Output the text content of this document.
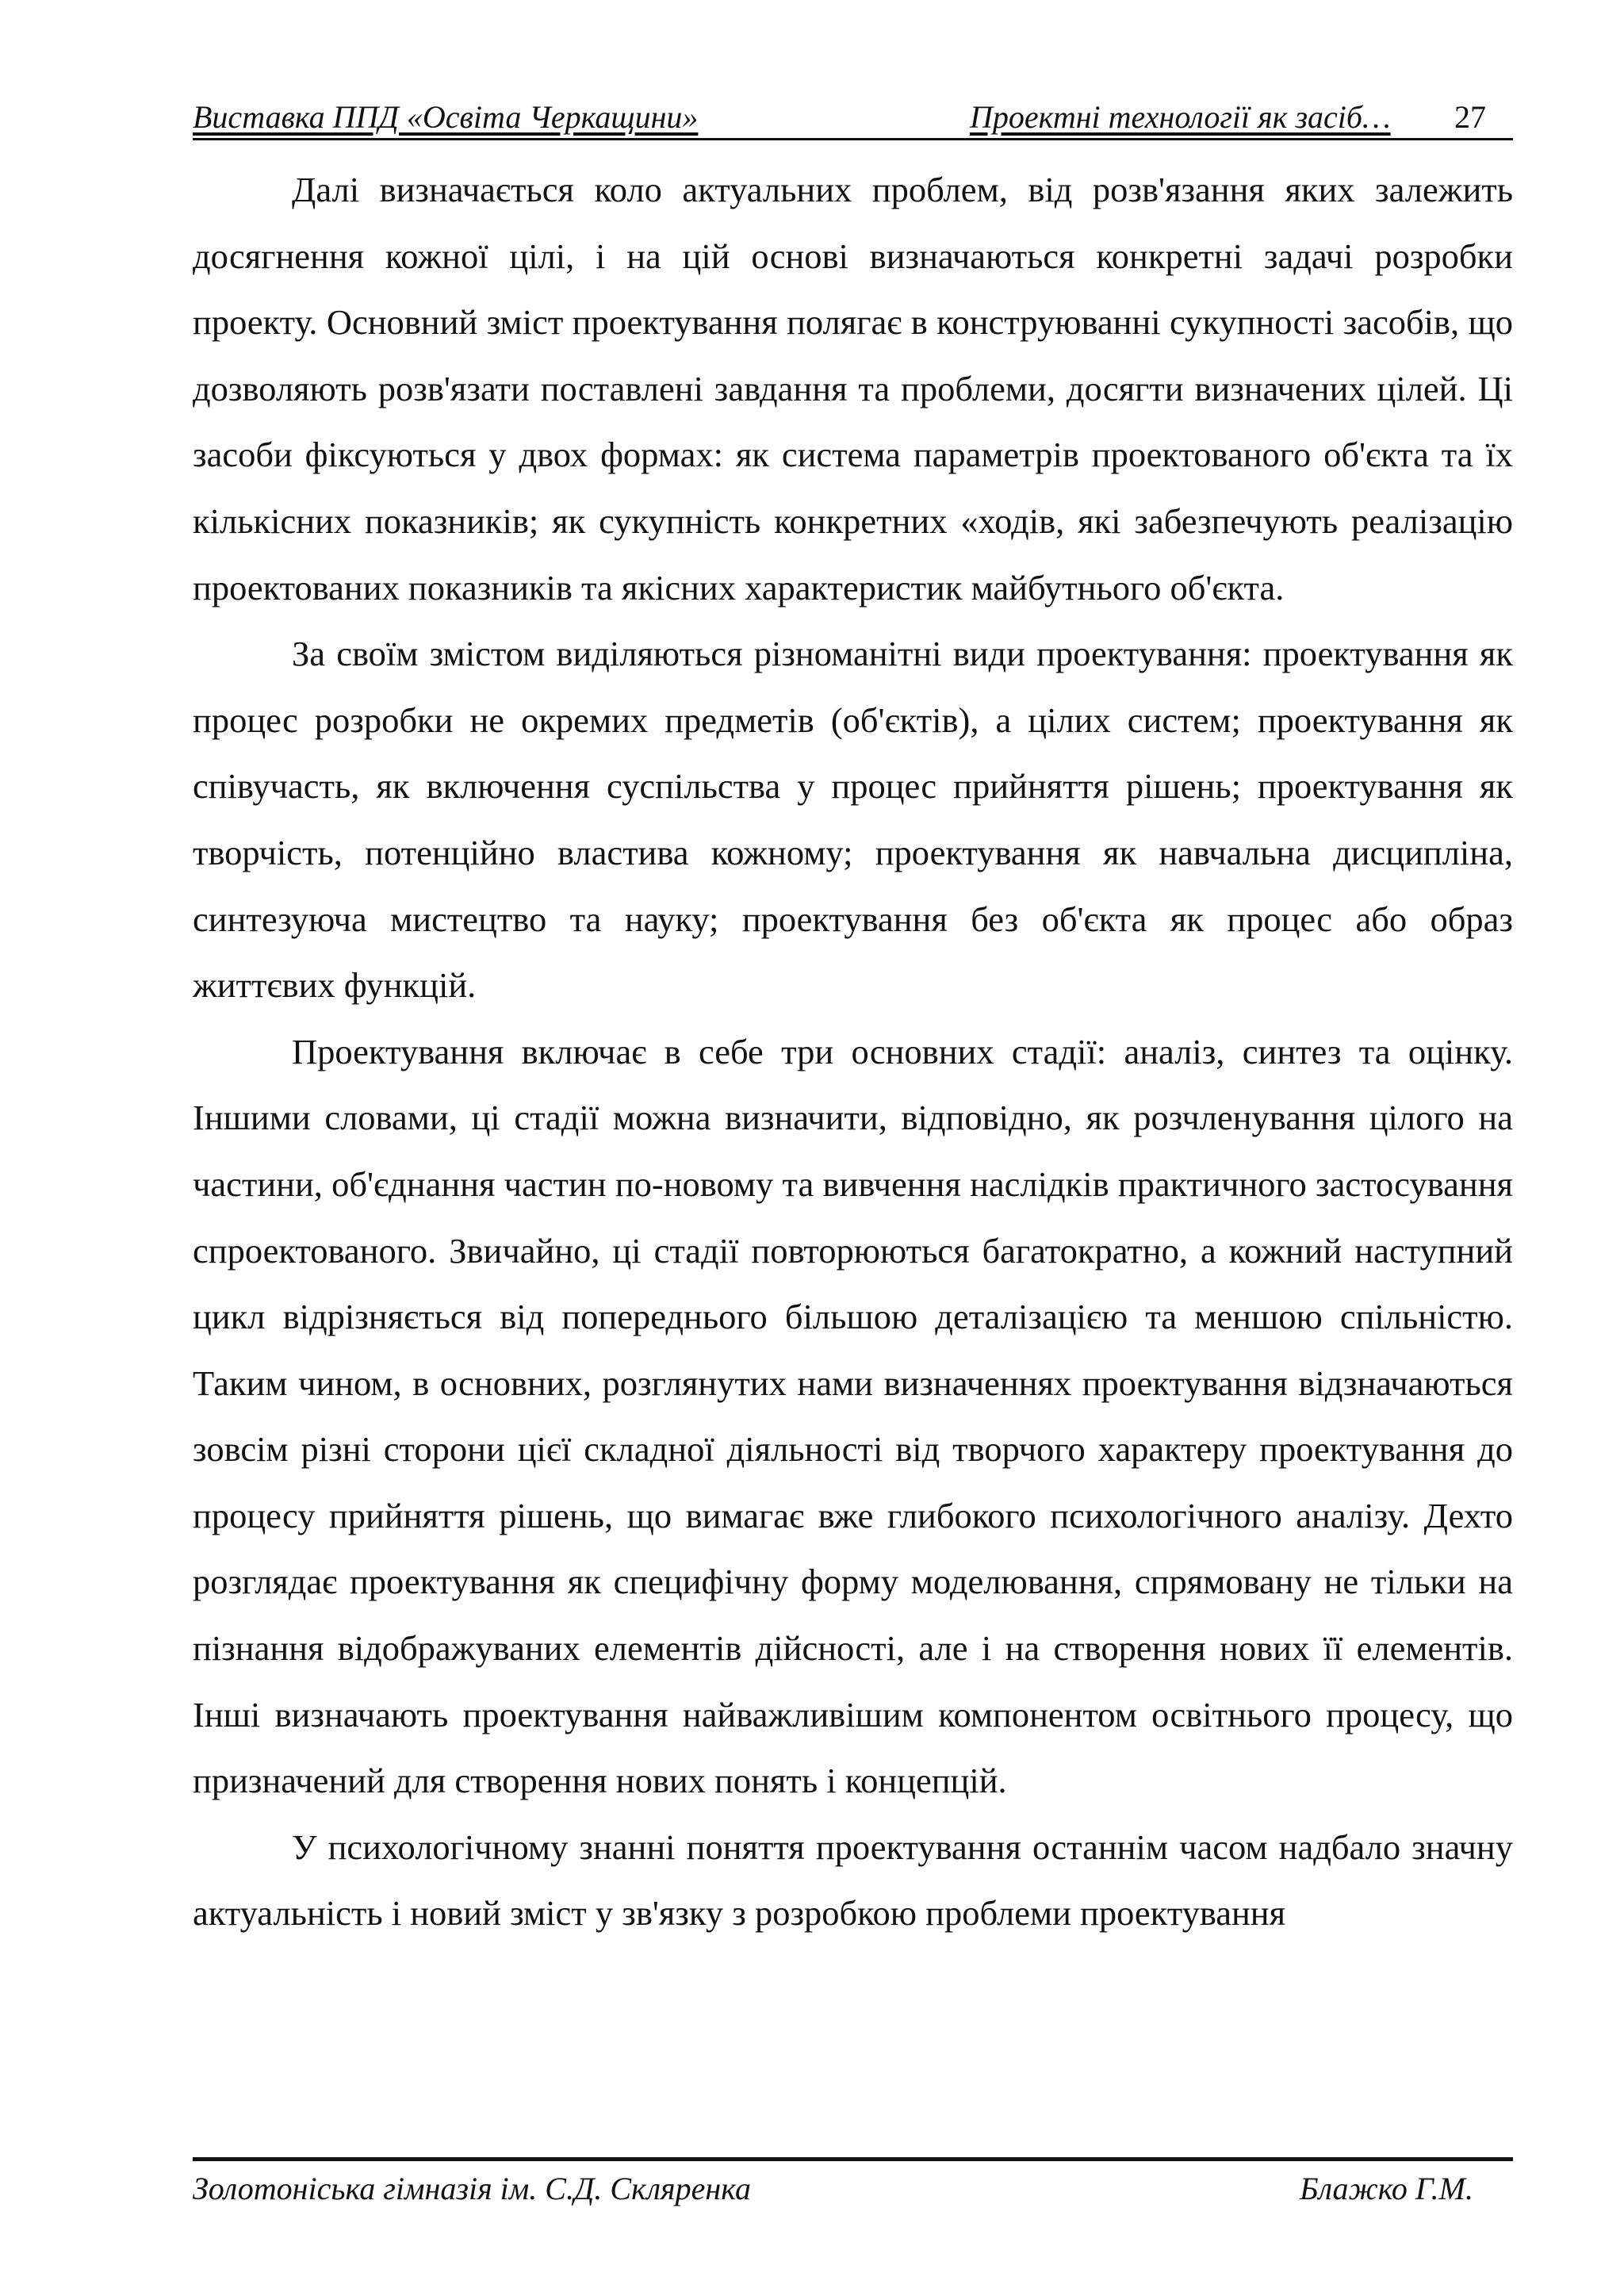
Виставка ППД «Освіта Черкащини»	Проектні технології як засіб… 27

Далі визначається коло актуальних проблем, від розв'язання яких залежить досягнення кожної цілі, і на цій основі визначаються конкретні задачі розробки проекту. Основний зміст проектування полягає в конструюванні сукупності засобів, що дозволяють розв'язати поставлені завдання та проблеми, досягти визначених цілей. Ці засоби фіксуються у двох формах: як система параметрів проектованого об'єкта та їх кількісних показників; як сукупність конкретних «ходів, які забезпечують реалізацію проектованих показників та якісних характеристик майбутнього об'єкта.

За своїм змістом виділяються різноманітні види проектування: проектування як процес розробки не окремих предметів (об'єктів), а цілих систем; проектування як співучасть, як включення суспільства у процес прийняття рішень; проектування як творчість, потенційно властива кожному; проектування як навчальна дисципліна, синтезуюча мистецтво та науку; проектування без об'єкта як процес або образ життєвих функцій.

Проектування включає в себе три основних стадії: аналіз, синтез та оцінку. Іншими словами, ці стадії можна визначити, відповідно, як розчленування цілого на частини, об'єднання частин по-новому та вивчення наслідків практичного застосування спроектованого. Звичайно, ці стадії повторюються багатократно, а кожний наступний цикл відрізняється від попереднього більшою деталізацією та меншою спільністю. Таким чином, в основних, розглянутих нами визначеннях проектування відзначаються зовсім різні сторони цієї складної діяльності від творчого характеру проектування до процесу прийняття рішень, що вимагає вже глибокого психологічного аналізу. Дехто розглядає проектування як специфічну форму моделювання, спрямовану не тільки на пізнання відображуваних елементів дійсності, але і на створення нових її елементів. Інші визначають проектування найважливішим компонентом освітнього процесу, що призначений для створення нових понять і концепцій.

У психологічному знанні поняття проектування останнім часом надбало значну актуальність і новий зміст у зв'язку з розробкою проблеми проектування

Золотоніська гімназія ім. С.Д. Скляренка	Блажко Г.М.
